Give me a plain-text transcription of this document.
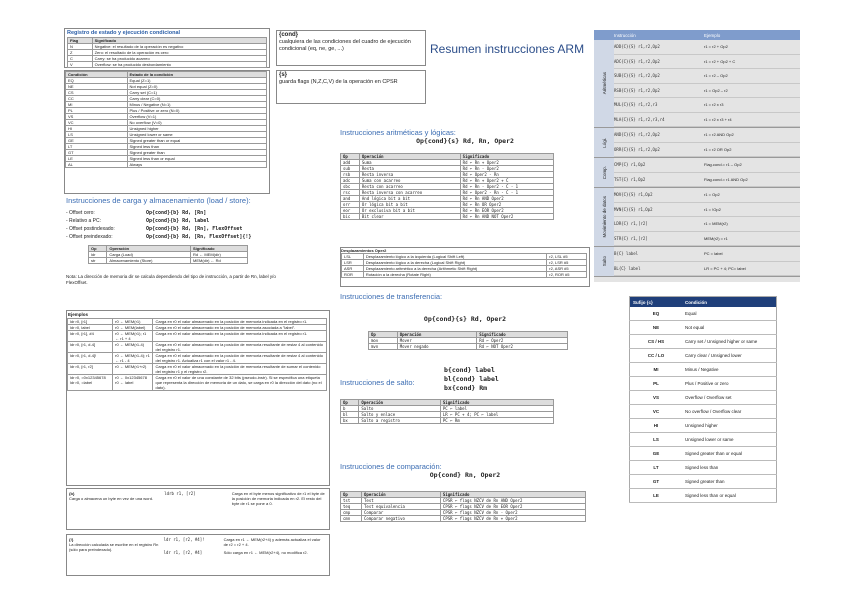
Registro de estado y ejecución condicional
Flag	Significado
N	Negative: el resultado de la operación es negativo
Z	Zero: el resultado de la operación es cero
C	Carry: se ha producido acarreo
V	Overflow: se ha producido desbordamiento
Condición	Estado de la condición
EQ	Equal (Z=1)
NE	Not equal (Z=0)
CS	Carry set (C=1)
CC	Carry clear (C=0)
MI	Minus / Negative (N=1)
PL	Plus / Positive or zero (N=0)
VS	Overflow (V=1)
VC	No overflow (V=0)
HI	Unsigned higher
LS	Unsigned lower or same
GE	Signed greater than or equal
LT	Signed less than
GT	Signed greater than
LE	Signed less than or equal
AL	Always
Instrucciones de carga y almacenamiento (load / store):
- Offset cero:	Op{cond}{b} Rd, [Rn]
- Relativo a PC:	Op{cond}{b} Rd, label
- Offset postindexado:	Op{cond}{b} Rd, [Rn], FlexOffset
- Offset preindexado:	Op{cond}{b} Rd, [Rn, FlexOffset]{!}
Op	Operación	Significado
ldr	Carga (Load)	Rd ← MEM(dir)
str	Almacenamiento (Store)	MEM(dir) ← Rd
Nota: La dirección de memoria dir se calcula dependiendo del tipo de instrucción, a partir de Rn, label y/o FlexOffset.
Ejemplos
ldr r0, [r1]	r0 ← MEM(r1)	Carga en r0 el valor almacenado en la posición de memoria indicada en el registro r1.
ldr r0, label	r0 ← MEM(label)	Carga en r0 el valor almacenado en la posición de memoria asociada a "label".
ldr r0, [r1], #4	r0 ← MEM(r1); r1 ← r1 + 4	Carga en r0 el valor almacenado en la posición de memoria indicada en el registro r1.
ldr r0, [r1, #-4]	r0 ← MEM(r1-4)	Carga en r0 el valor almacenado en la posición de memoria resultante de restar 4 al contenido del registro r1.
ldr r0, [r1, #-4]!	r0 ← MEM(r1-4); r1 ← r1 - 4	Carga en r0 el valor almacenado en la posición de memoria resultante de restar 4 al contenido del registro r1. Actualiza r1 con el valor r1 - 4.
ldr r0, [r1, r2]	r0 ← MEM(r1+r2)	Carga en r0 el valor almacenado en la posición de memoria resultante de sumar el contenido del registro r1 y el registro r2.
ldr r0, =0x12345678 ldr r0, =label	r0 ← 0x12345678 r0 ← label	Carga en r0 el valor de una constante de 32 bits (pseudo-instr). Si se especifica una etiqueta que representa la dirección de memoria de un dato, se carga en r0 la dirección del dato (no el dato).
{b}
Carga o almacena un byte en vez de una word.
ldrb r1, [r2]	Carga en el byte menos significativo de r1 el byte de la posición de memoria indicada en r2. El resto del byte de r1 se pone a 0.
{!}
La dirección calculada se escribe en el registro Rn (sólo para preindexado).
ldr r1, [r2, #4]!	Carga en r1 ← MEM(r2+4) y además actualiza el valor de r2 = r2 + 4.
ldr r1, [r2, #4]	Sólo carga en r1 ← MEM(r2+4), no modifica r2.
{cond}
cualquiera de las condiciones del cuadro de ejecución condicional (eq, ne, ge, ...)
{s}
guarda flags (N,Z,C,V) de la operación en CPSR
Resumen instrucciones ARM
Instrucciones aritméticas y lógicas:
Op{cond}{s} Rd, Rn, Oper2
Op	Operación	Significado
add	Suma	Rd ← Rn + Oper2
sub	Resta	Rd ← Rn - Oper2
rsb	Resta inversa	Rd ← Oper2 - Rn
adc	Suma con acarreo	Rd ← Rn + Oper2 + C
sbc	Resta con acarreo	Rd ← Rn - Oper2 - C - 1
rsc	Resta inversa con acarreo	Rd ← Oper2 - Rn - C - 1
and	And lógica bit a bit	Rd ← Rn AND Oper2
orr	Or lógica bit a bit	Rd ← Rn OR Oper2
eor	Or exclusiva bit a bit	Rd ← Rn EOR Oper2
bic	Bit clear	Rd ← Rn AND NOT Oper2
Desplazamientos Oper2
LSL	Desplazamiento lógico a la izquierda (Logical Shift Left)	r2, LSL #5
LSR	Desplazamiento lógico a la derecha (Logical Shift Right)	r2, LSR #5
ASR	Desplazamiento aritmético a la derecha (Arithmetic Shift Right)	r2, ASR #5
ROR	Rotación a la derecha (Rotate Right)	r2, ROR #5
Instrucciones de transferencia:
Op{cond}{s} Rd, Oper2
Op	Operación	Significado
mov	Mover	Rd ← Oper2
mvn	Mover negado	Rd ← NOT Oper2
Instrucciones de salto:
b{cond} label
bl{cond} label
bx{cond} Rm
Op	Operación	Significado
b	Salto	PC ← label
bl	Salto y enlace	LR ← PC + 4; PC ← label
bx	Salto a registro	PC ← Rm
Instrucciones de comparación:
Op{cond} Rn, Oper2
Op	Operación	Significado
tst	Test	CPSR ← flags NZCV de Rn AND Oper2
teq	Test equivalencia	CPSR ← flags NZCV de Rn EOR Oper2
cmp	Comparar	CPSR ← flags NZCV de Rn - Oper2
cmn	Comparar negativo	CPSR ← flags NZCV de Rn + Oper2
Instrucción	Ejemplo
Aritméticas
ADD{C}{S} r1,r2,Op2	r1 = r2 + Op2
ADC{C}{S} r1,r2,Op2	r1 = r2 + Op2 + C
SUB{C}{S} r1,r2,Op2	r1 = r2 – Op2
RSB{C}{S} r1,r2,Op2	r1 = Op2 – r2
MUL{C}{S} r1,r2,r3	r1 = r2 x r3
MLA{C}{S} r1,r2,r3,r4	r1 = r2 x r3 + r4
Lógi.
AND{C}{S} r1,r2,Op2	r1 = r2 AND Op2
ORR{C}{S} r1,r2,Op2	r1 = r2 OR Op2
Comp.
CMP{C} r1,Op2	Flag.cond.= r1 – Op2
TST{C} r1,Op2	Flag.cond.= r1 AND Op2
Movimiento de datos
MOV{C}{S} r1,Op2	r1 = Op2
MVN{C}{S} r1,Op2	r1 = !Op2
LDR{C} r1,[r2]	r1 = MEM(r2)
STR{C} r1,[r2]	MEM(r2) = r1
Salto
B{C} label	PC = label
BL{C} label	LR = PC + 4; PC= label
Sufijo {c}	Condición
EQ	Equal
NE	Not equal
CS / HS	Carry set / Unsigned higher or same
CC / LO	Carry clear / Unsigned lower
MI	Minus / Negative
PL	Plus / Positive or zero
VS	Overflow / Overflow set
VC	No overflow / Overflow clear
HI	Unsigned higher
LS	Unsigned lower or same
GE	Signed greater than or equal
LT	Signed less than
GT	Signed greater than
LE	Signed less than or equal
